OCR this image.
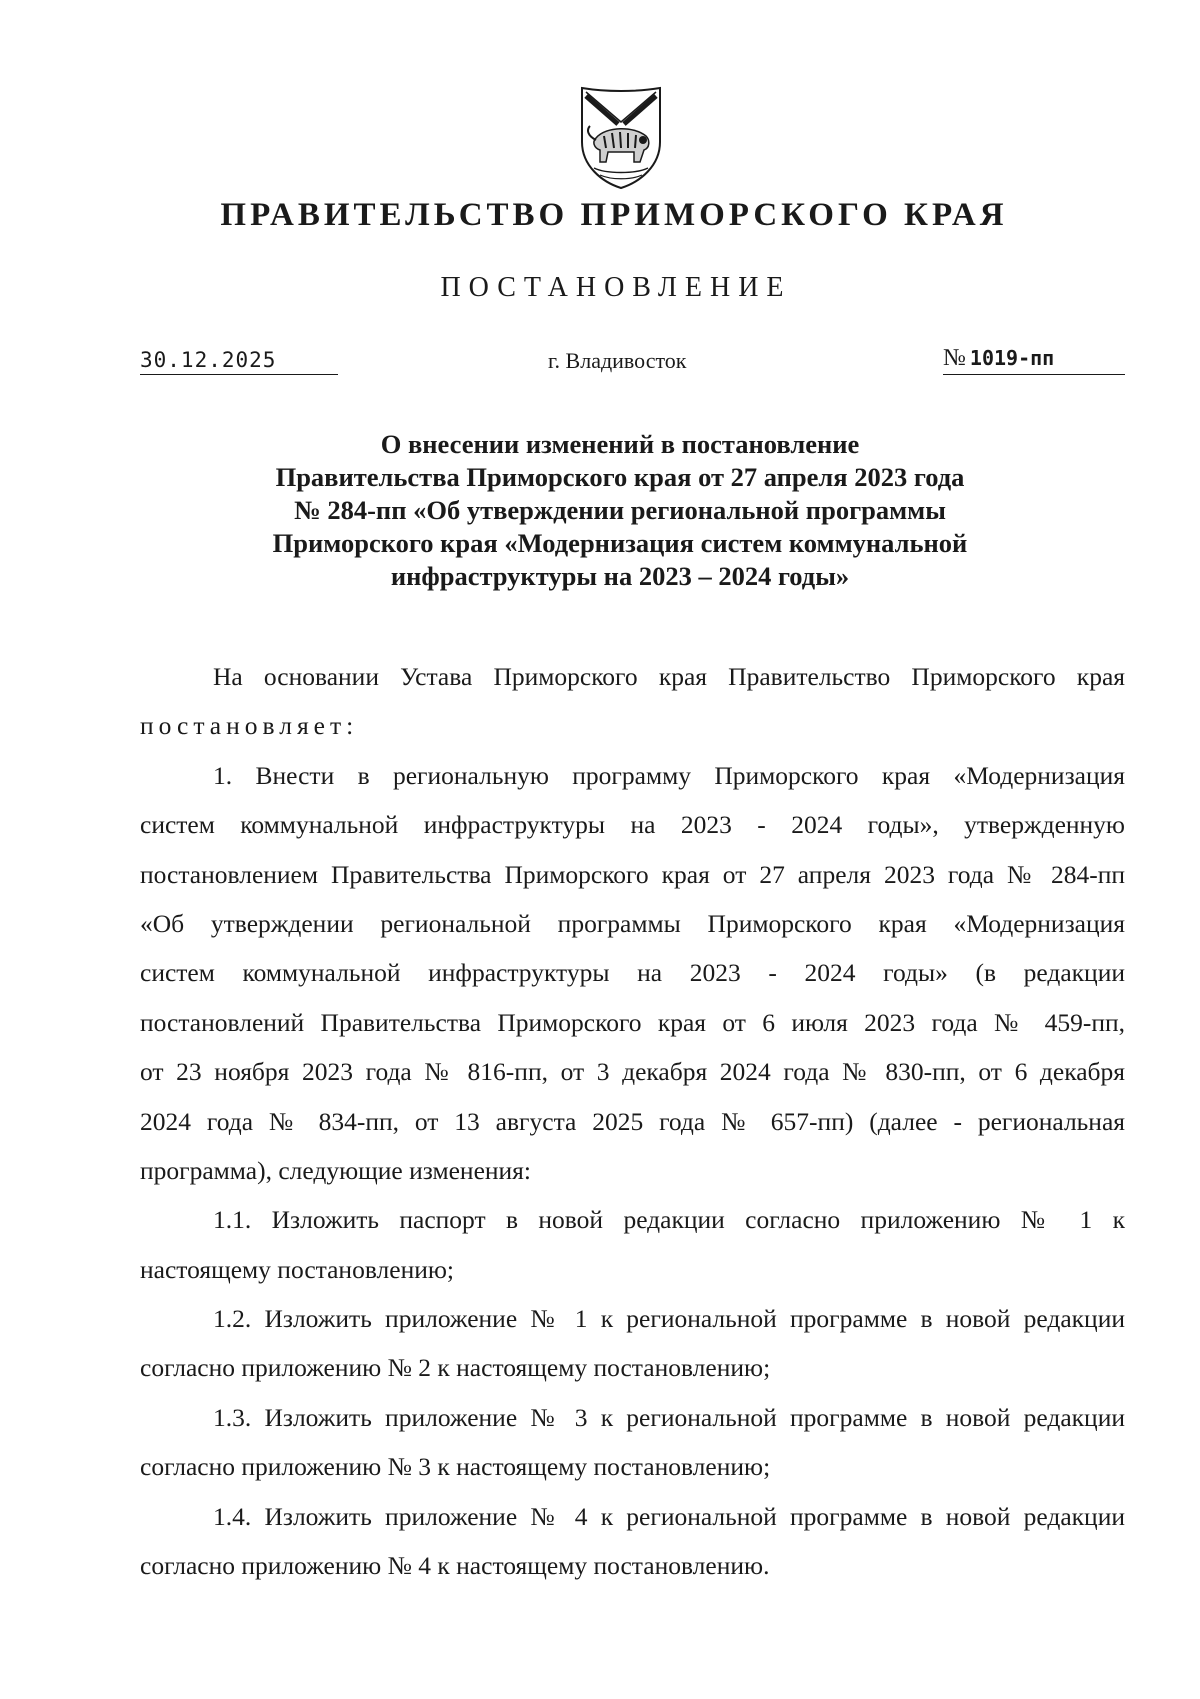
ПРАВИТЕЛЬСТВО ПРИМОРСКОГО КРАЯ
ПОСТАНОВЛЕНИЕ
30.12.2025	г. Владивосток	№ 1019-пп
О внесении изменений в постановление
Правительства Приморского края от 27 апреля 2023 года
№ 284-пп «Об утверждении региональной программы
Приморского края «Модернизация систем коммунальной
инфраструктуры на 2023 – 2024 годы»
На основании Устава Приморского края Правительство Приморского края
постановляет:
1. Внести в региональную программу Приморского края «Модернизация
систем коммунальной инфраструктуры на 2023 - 2024 годы», утвержденную
постановлением Правительства Приморского края от 27 апреля 2023 года № 284-пп
«Об утверждении региональной программы Приморского края «Модернизация
систем коммунальной инфраструктуры на 2023 - 2024 годы» (в редакции
постановлений Правительства Приморского края от 6 июля 2023 года № 459-пп,
от 23 ноября 2023 года № 816-пп, от 3 декабря 2024 года № 830-пп, от 6 декабря
2024 года № 834-пп, от 13 августа 2025 года № 657-пп) (далее - региональная
программа), следующие изменения:
1.1. Изложить паспорт в новой редакции согласно приложению № 1 к
настоящему постановлению;
1.2. Изложить приложение № 1 к региональной программе в новой редакции
согласно приложению № 2 к настоящему постановлению;
1.3. Изложить приложение № 3 к региональной программе в новой редакции
согласно приложению № 3 к настоящему постановлению;
1.4. Изложить приложение № 4 к региональной программе в новой редакции
согласно приложению № 4 к настоящему постановлению.
